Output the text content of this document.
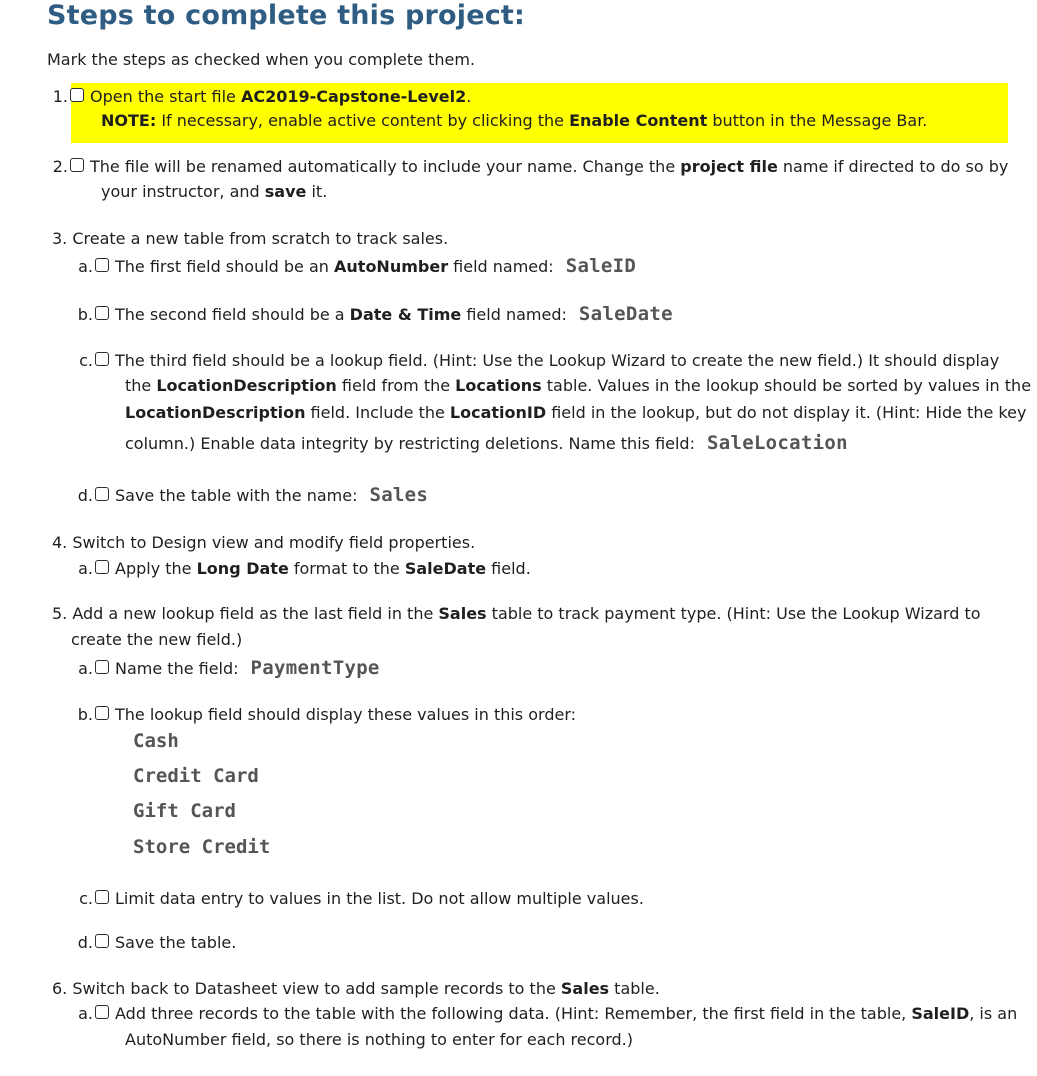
Steps to complete this project:
Mark the steps as checked when you complete them.
1. Open the start file AC2019-Capstone-Level2.
NOTE: If necessary, enable active content by clicking the Enable Content button in the Message Bar.
2. The file will be renamed automatically to include your name. Change the project file name if directed to do so by
your instructor, and save it.
3. Create a new table from scratch to track sales.
a. The first field should be an AutoNumber field named: SaleID
b. The second field should be a Date & Time field named: SaleDate
c. The third field should be a lookup field. (Hint: Use the Lookup Wizard to create the new field.) It should display
the LocationDescription field from the Locations table. Values in the lookup should be sorted by values in the
LocationDescription field. Include the LocationID field in the lookup, but do not display it. (Hint: Hide the key
column.) Enable data integrity by restricting deletions. Name this field: SaleLocation
d. Save the table with the name: Sales
4. Switch to Design view and modify field properties.
a. Apply the Long Date format to the SaleDate field.
5. Add a new lookup field as the last field in the Sales table to track payment type. (Hint: Use the Lookup Wizard to
create the new field.)
a. Name the field: PaymentType
b. The lookup field should display these values in this order:
Cash
Credit Card
Gift Card
Store Credit
c. Limit data entry to values in the list. Do not allow multiple values.
d. Save the table.
6. Switch back to Datasheet view to add sample records to the Sales table.
a. Add three records to the table with the following data. (Hint: Remember, the first field in the table, SaleID, is an
AutoNumber field, so there is nothing to enter for each record.)
